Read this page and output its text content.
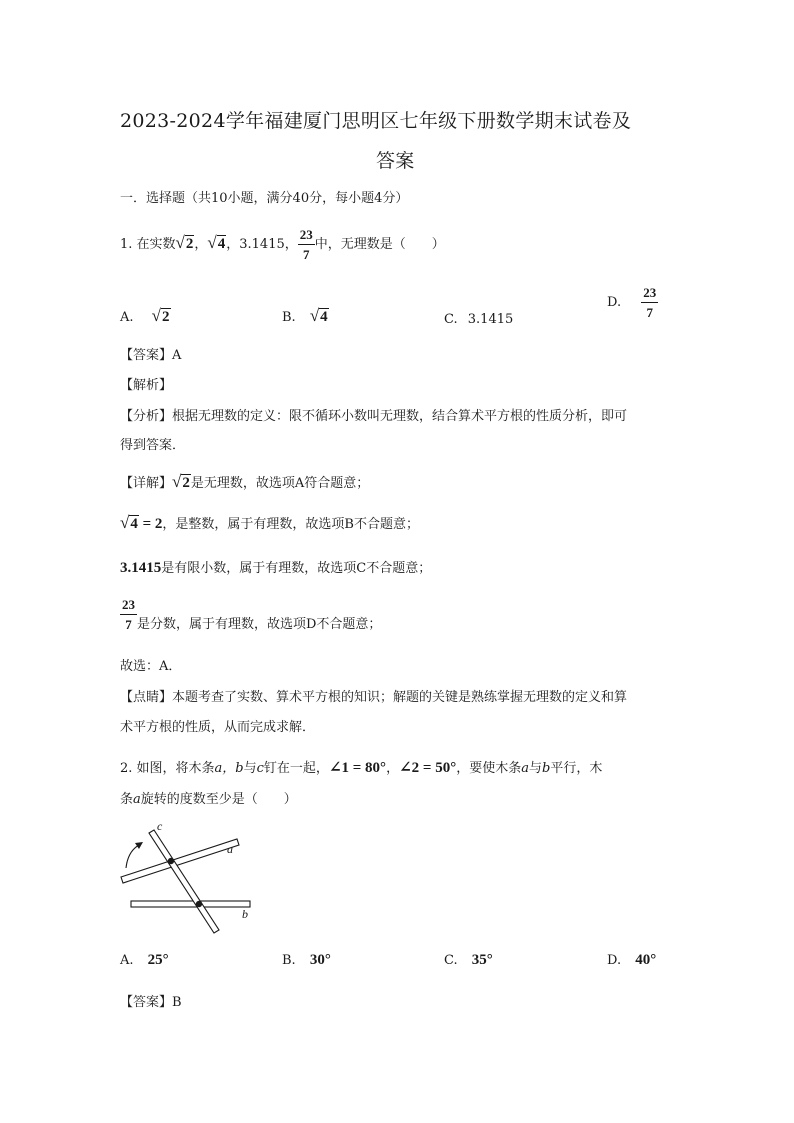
2023-2024学年福建厦门思明区七年级下册数学期末试卷及
答案
一．选择题（共10小题，满分40分，每小题4分）
1. 在实数√2，√4，3.1415， $\frac{23}{7}$ 中，无理数是（　　）
A. √2	B. √4	C. 3.1415
D. $\frac{23}{7}$
【答案】A
【解析】
【分析】根据无理数的定义：限不循环小数叫无理数，结合算术平方根的性质分析，即可
得到答案．
【详解】√2是无理数，故选项A符合题意；
√4 = 2，是整数，属于有理数，故选项B不合题意；
3.1415是有限小数，属于有理数，故选项C不合题意；
$\frac{23}{7}$ 是分数，属于有理数，故选项D不合题意；
故选：A．
【点睛】本题考查了实数、算术平方根的知识；解题的关键是熟练掌握无理数的定义和算
术平方根的性质，从而完成求解．
2. 如图，将木条a，b与c钉在一起，∠1 = 80°，∠2 = 50°，要使木条a与b平行，木
条a旋转的度数至少是（　　）
c
a
b
A. 25°	B. 30°	C. 35°	D. 40°
【答案】B
